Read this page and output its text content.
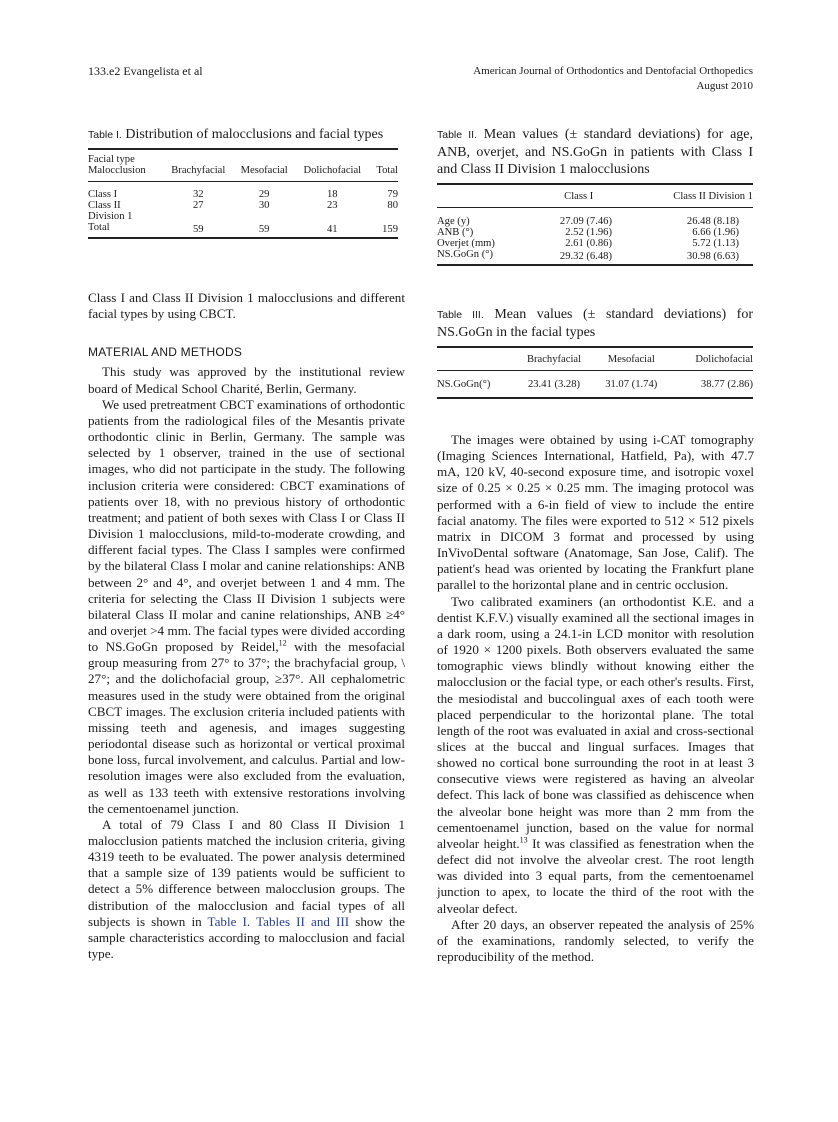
133.e2 Evangelista et al	American Journal of Orthodontics and Dentofacial Orthopedics
August 2010
Table I. Distribution of malocclusions and facial types
Facial type				
Malocclusion	Brachyfacial	Mesofacial	Dolichofacial	Total
Class I	32	29	18	79
Class II	27	30	23	80
Division 1				
Total	59	59	41	159
Table II. Mean values (± standard deviations) for age, ANB, overjet, and NS.GoGn in patients with Class I and Class II Division 1 malocclusions
	Class I	Class II Division 1
Age (y)	27.09 (7.46)	26.48 (8.18)
ANB (°)	2.52 (1.96)	6.66 (1.96)
Overjet (mm)	2.61 (0.86)	5.72 (1.13)
NS.GoGn (°)	29.32 (6.48)	30.98 (6.63)
Table III. Mean values (± standard deviations) for NS.GoGn in the facial types
	Brachyfacial	Mesofacial	Dolichofacial
NS.GoGn(°)	23.41 (3.28)	31.07 (1.74)	38.77 (2.86)

Class I and Class II Division 1 malocclusions and different facial types by using CBCT.

MATERIAL AND METHODS

This study was approved by the institutional review board of Medical School Charité, Berlin, Germany.

We used pretreatment CBCT examinations of orthodontic patients from the radiological files of the Mesantis private orthodontic clinic in Berlin, Germany. The sample was selected by 1 observer, trained in the use of sectional images, who did not participate in the study. The following inclusion criteria were considered: CBCT examinations of patients over 18, with no previous history of orthodontic treatment; and patient of both sexes with Class I or Class II Division 1 malocclusions, mild-to-moderate crowding, and different facial types. The Class I samples were confirmed by the bilateral Class I molar and canine relationships: ANB between 2° and 4°, and overjet between 1 and 4 mm. The criteria for selecting the Class II Division 1 subjects were bilateral Class II molar and canine relationships, ANB ≥4° and overjet >4 mm. The facial types were divided according to NS.GoGn proposed by Reidel,$^{12}$ with the mesofacial group measuring from 27° to 37°; the brachyfacial group, \ 27°; and the dolichofacial group, ≥37°. All cephalometric measures used in the study were obtained from the original CBCT images. The exclusion criteria included patients with missing teeth and agenesis, and images suggesting periodontal disease such as horizontal or vertical proximal bone loss, furcal involvement, and calculus. Partial and low-resolution images were also excluded from the evaluation, as well as 133 teeth with extensive restorations involving the cementoenamel junction.

A total of 79 Class I and 80 Class II Division 1 malocclusion patients matched the inclusion criteria, giving 4319 teeth to be evaluated. The power analysis determined that a sample size of 139 patients would be sufficient to detect a 5% difference between malocclusion groups. The distribution of the malocclusion and facial types of all subjects is shown in Table I. Tables II and III show the sample characteristics according to malocclusion and facial type.

The images were obtained by using i-CAT tomography (Imaging Sciences International, Hatfield, Pa), with 47.7 mA, 120 kV, 40-second exposure time, and isotropic voxel size of 0.25 × 0.25 × 0.25 mm. The imaging protocol was performed with a 6-in field of view to include the entire facial anatomy. The files were exported to 512 × 512 pixels matrix in DICOM 3 format and processed by using InVivoDental software (Anatomage, San Jose, Calif). The patient's head was oriented by locating the Frankfurt plane parallel to the horizontal plane and in centric occlusion.

Two calibrated examiners (an orthodontist K.E. and a dentist K.F.V.) visually examined all the sectional images in a dark room, using a 24.1-in LCD monitor with resolution of 1920 × 1200 pixels. Both observers evaluated the same tomographic views blindly without knowing either the malocclusion or the facial type, or each other's results. First, the mesiodistal and buccolingual axes of each tooth were placed perpendicular to the horizontal plane. The total length of the root was evaluated in axial and cross-sectional slices at the buccal and lingual surfaces. Images that showed no cortical bone surrounding the root in at least 3 consecutive views were registered as having an alveolar defect. This lack of bone was classified as dehiscence when the alveolar bone height was more than 2 mm from the cementoenamel junction, based on the value for normal alveolar height.$^{13}$ It was classified as fenestration when the defect did not involve the alveolar crest. The root length was divided into 3 equal parts, from the cementoenamel junction to apex, to locate the third of the root with the alveolar defect.

After 20 days, an observer repeated the analysis of 25% of the examinations, randomly selected, to verify the reproducibility of the method.
